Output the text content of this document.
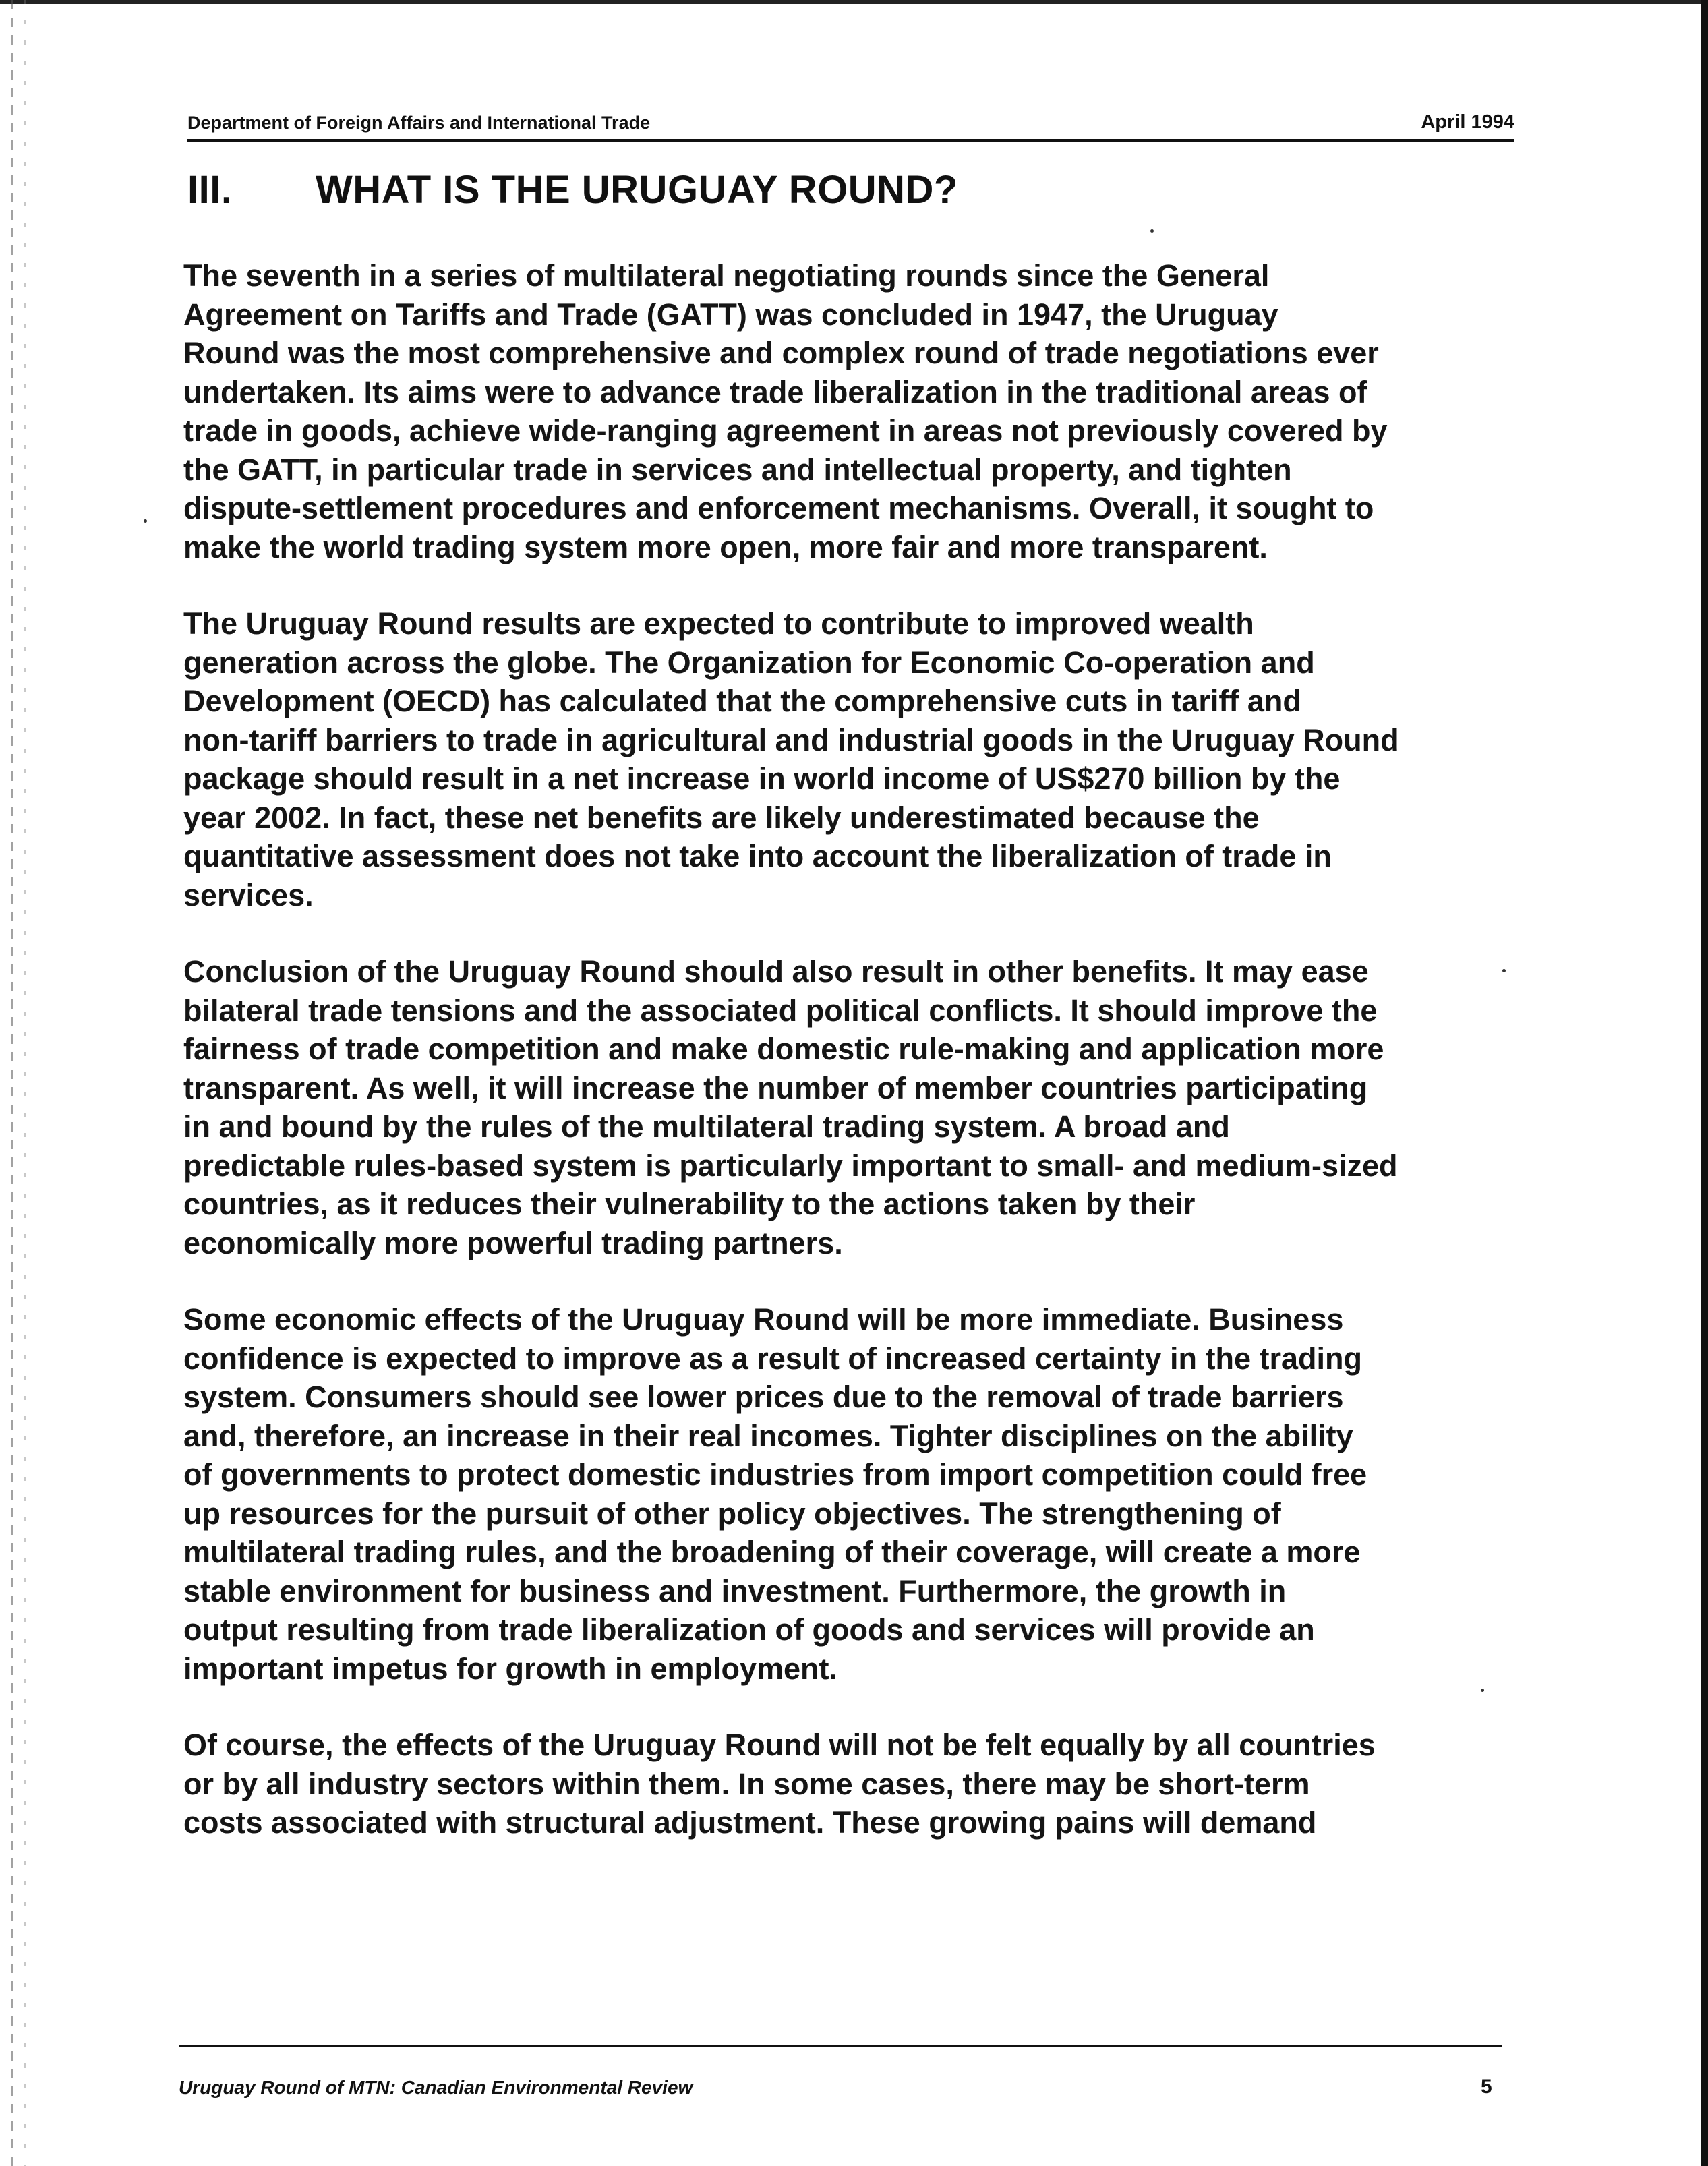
Department of Foreign Affairs and International Trade	April 1994
III. WHAT IS THE URUGUAY ROUND?

The seventh in a series of multilateral negotiating rounds since the General
Agreement on Tariffs and Trade (GATT) was concluded in 1947, the Uruguay
Round was the most comprehensive and complex round of trade negotiations ever
undertaken. Its aims were to advance trade liberalization in the traditional areas of
trade in goods, achieve wide-ranging agreement in areas not previously covered by
the GATT, in particular trade in services and intellectual property, and tighten
dispute-settlement procedures and enforcement mechanisms. Overall, it sought to
make the world trading system more open, more fair and more transparent.

The Uruguay Round results are expected to contribute to improved wealth
generation across the globe. The Organization for Economic Co-operation and
Development (OECD) has calculated that the comprehensive cuts in tariff and
non-tariff barriers to trade in agricultural and industrial goods in the Uruguay Round
package should result in a net increase in world income of US$270 billion by the
year 2002. In fact, these net benefits are likely underestimated because the
quantitative assessment does not take into account the liberalization of trade in
services.

Conclusion of the Uruguay Round should also result in other benefits. It may ease
bilateral trade tensions and the associated political conflicts. It should improve the
fairness of trade competition and make domestic rule-making and application more
transparent. As well, it will increase the number of member countries participating
in and bound by the rules of the multilateral trading system. A broad and
predictable rules-based system is particularly important to small- and medium-sized
countries, as it reduces their vulnerability to the actions taken by their
economically more powerful trading partners.

Some economic effects of the Uruguay Round will be more immediate. Business
confidence is expected to improve as a result of increased certainty in the trading
system. Consumers should see lower prices due to the removal of trade barriers
and, therefore, an increase in their real incomes. Tighter disciplines on the ability
of governments to protect domestic industries from import competition could free
up resources for the pursuit of other policy objectives. The strengthening of
multilateral trading rules, and the broadening of their coverage, will create a more
stable environment for business and investment. Furthermore, the growth in
output resulting from trade liberalization of goods and services will provide an
important impetus for growth in employment.

Of course, the effects of the Uruguay Round will not be felt equally by all countries
or by all industry sectors within them. In some cases, there may be short-term
costs associated with structural adjustment. These growing pains will demand

Uruguay Round of MTN: Canadian Environmental Review	5
